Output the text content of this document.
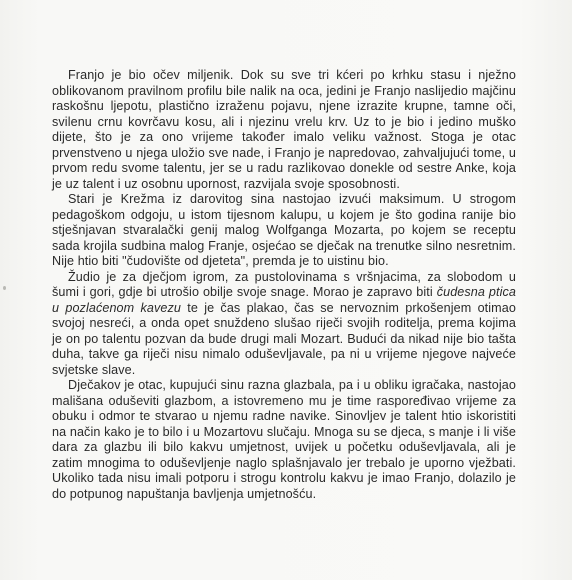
Franjo je bio očev miljenik. Dok su sve tri kćeri po krhku stasu i nježno oblikovanom pravilnom profilu bile nalik na oca, jedini je Franjo naslijedio majčinu raskošnu ljepotu, plastično izraženu pojavu, njene izrazite krupne, tamne oči, svilenu crnu kovrčavu kosu, ali i njezinu vrelu krv. Uz to je bio i jedino muško dijete, što je za ono vrijeme također imalo veliku važnost. Stoga je otac prvenstveno u njega uložio sve nade, i Franjo je napredovao, zahvaljujući tome, u prvom redu svome talentu, jer se u radu razlikovao donekle od sestre Anke, koja je uz talent i uz osobnu upornost, razvijala svoje sposobnosti.

Stari je Krežma iz darovitog sina nastojao izvući maksimum. U strogom pedagoškom odgoju, u istom tijesnom kalupu, u kojem je što godina ranije bio stješnjavan stvaralački genij malog Wolfganga Mozarta, po kojem se receptu sada krojila sudbina malog Franje, osjećao se dječak na trenutke silno nesretnim. Nije htio biti "čudovište od djeteta", premda je to uistinu bio.

Žudio je za dječjom igrom, za pustolovinama s vršnjacima, za slobodom u šumi i gori, gdje bi utrošio obilje svoje snage. Morao je zapravo biti čudesna ptica u pozlaćenom kavezu te je čas plakao, čas se nervoznim prkošenjem otimao svojoj nesreći, a onda opet snuždeno slušao riječi svojih roditelja, prema kojima je on po talentu pozvan da bude drugi mali Mozart. Budući da nikad nije bio tašta duha, takve ga riječi nisu nimalo oduševljavale, pa ni u vrijeme njegove najveće svjetske slave.

Dječakov je otac, kupujući sinu razna glazbala, pa i u obliku igračaka, nastojao mališana oduševiti glazbom, a istovremeno mu je time raspoređivao vrijeme za obuku i odmor te stvarao u njemu radne navike. Sinovljev je talent htio iskoristiti na način kako je to bilo i u Mozartovu slučaju. Mnoga su se djeca, s manje i li više dara za glazbu ili bilo kakvu umjetnost, uvijek u početku oduševljavala, ali je zatim mnogima to oduševljenje naglo splašnjavalo jer trebalo je uporno vježbati. Ukoliko tada nisu imali potporu i strogu kontrolu kakvu je imao Franjo, dolazilo je do potpunog napuštanja bavljenja umjetnošću.
